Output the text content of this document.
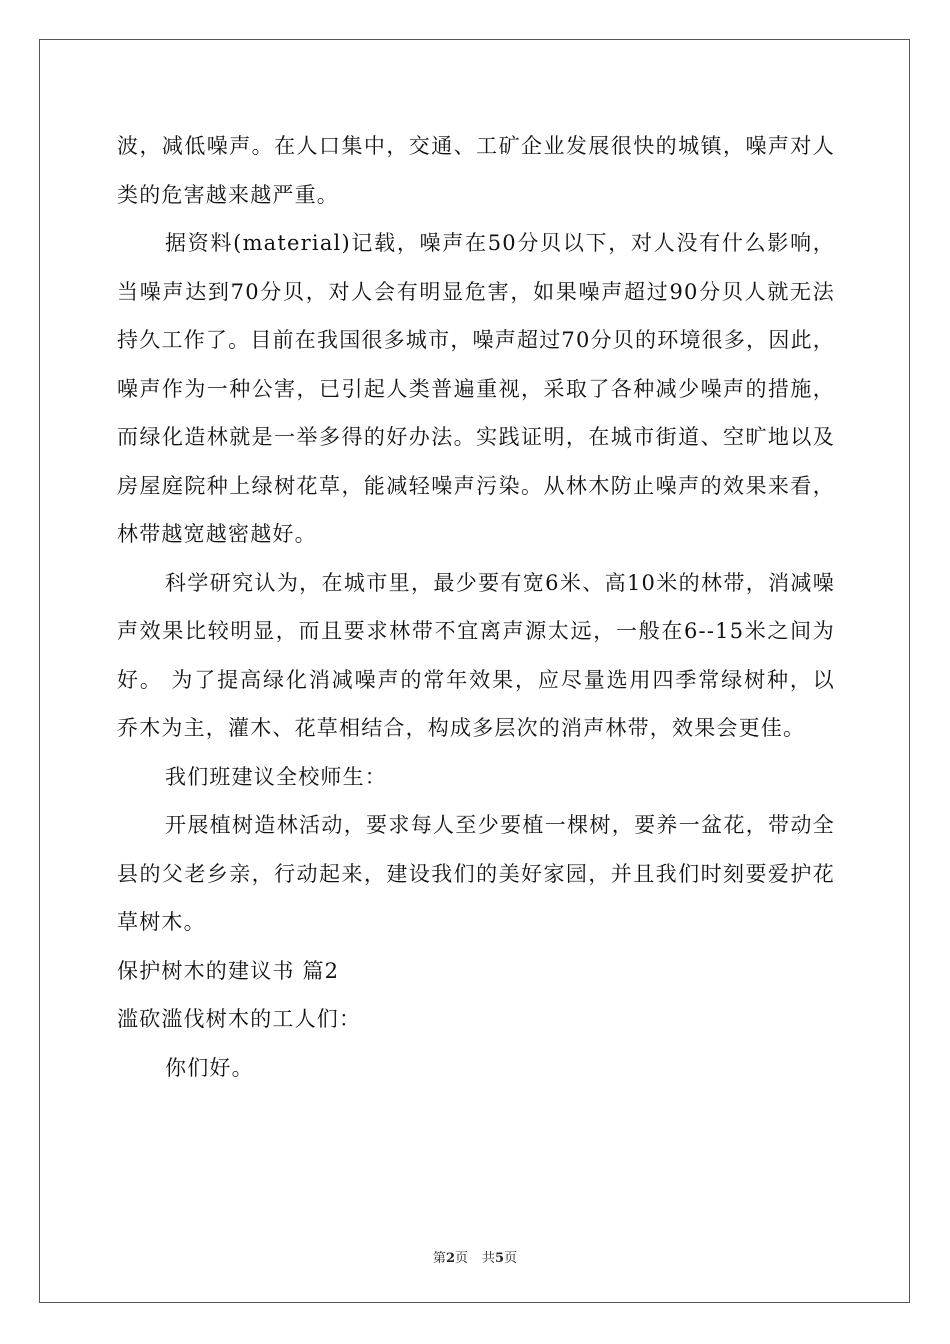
波，减低噪声。在人口集中，交通、工矿企业发展很快的城镇，噪声对人类的危害越来越严重。

据资料(material)记载，噪声在50分贝以下，对人没有什么影响，当噪声达到70分贝，对人会有明显危害，如果噪声超过90分贝人就无法持久工作了。目前在我国很多城市，噪声超过70分贝的环境很多，因此，噪声作为一种公害，已引起人类普遍重视，采取了各种减少噪声的措施，而绿化造林就是一举多得的好办法。实践证明，在城市街道、空旷地以及房屋庭院种上绿树花草，能减轻噪声污染。从林木防止噪声的效果来看，林带越宽越密越好。

科学研究认为，在城市里，最少要有宽6米、高10米的林带，消减噪声效果比较明显，而且要求林带不宜离声源太远，一般在6--15米之间为好。 为了提高绿化消减噪声的常年效果，应尽量选用四季常绿树种，以乔木为主，灌木、花草相结合，构成多层次的消声林带，效果会更佳。

我们班建议全校师生：

开展植树造林活动，要求每人至少要植一棵树，要养一盆花，带动全县的父老乡亲，行动起来，建设我们的美好家园，并且我们时刻要爱护花草树木。

保护树木的建议书 篇2

滥砍滥伐树木的工人们：

你们好。

第2页 共5页
